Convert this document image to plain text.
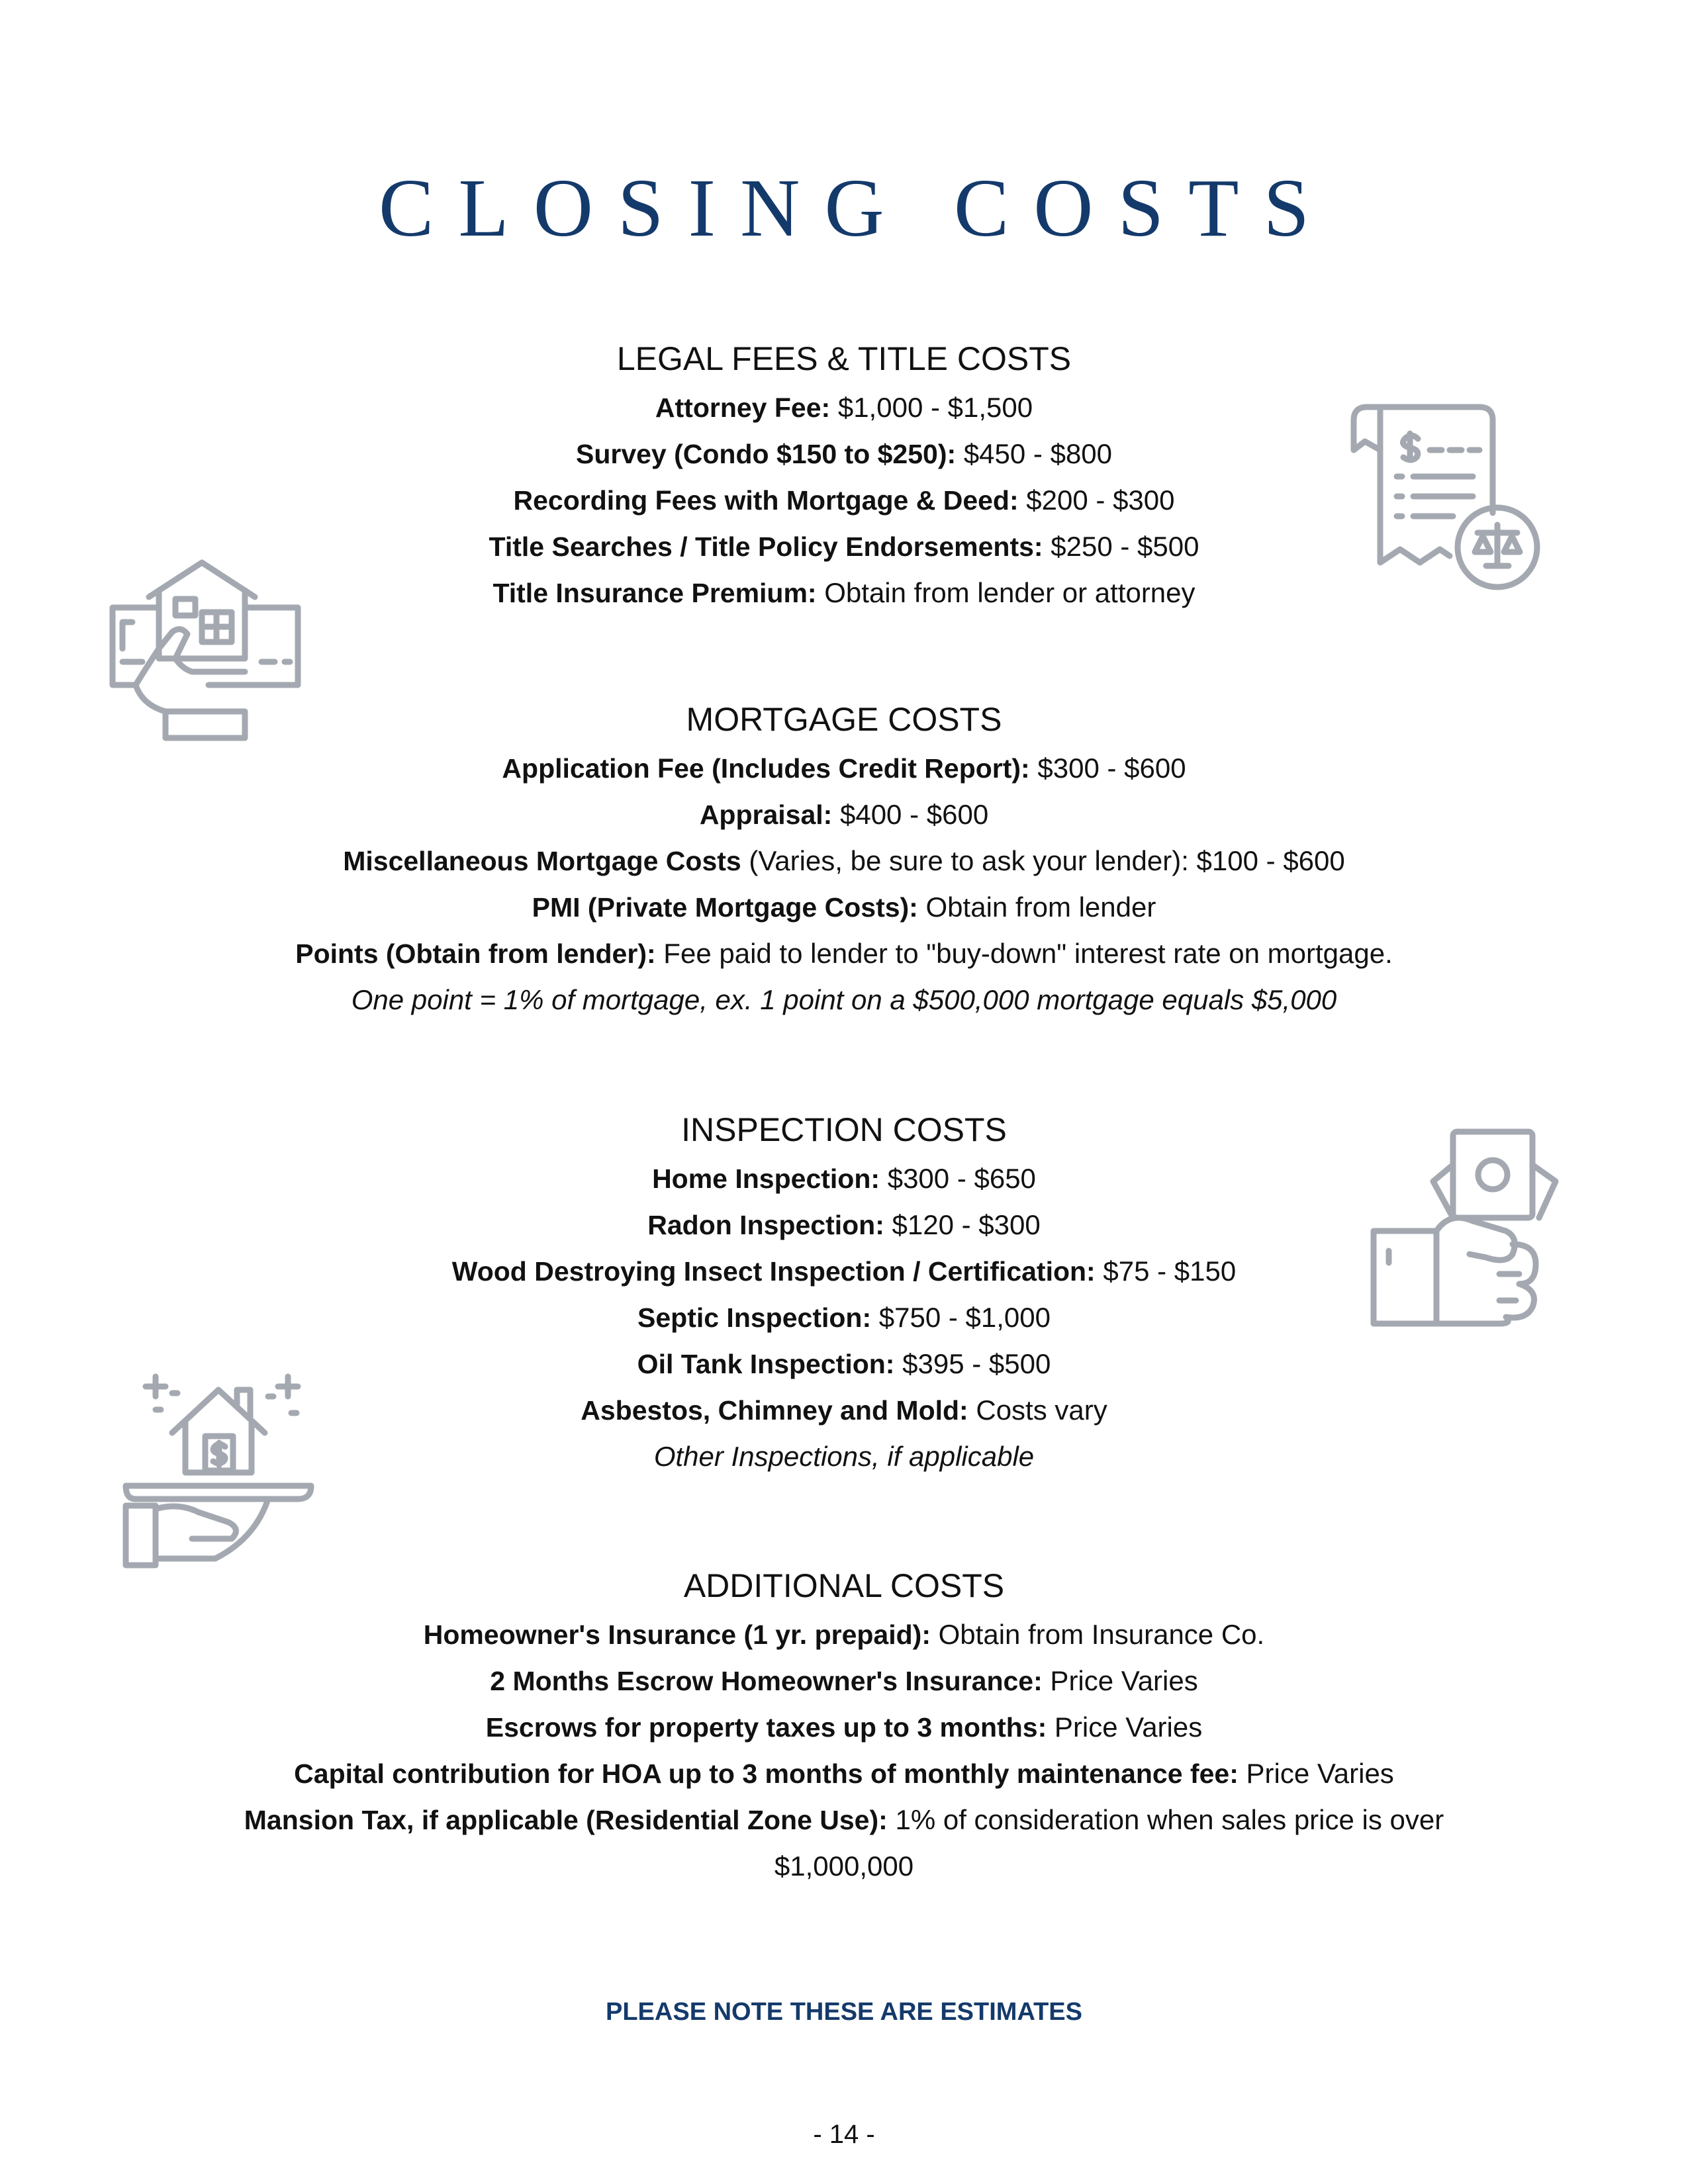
CLOSING COSTS
LEGAL FEES & TITLE COSTS
Attorney Fee: $1,000 - $1,500
Survey (Condo $150 to $250): $450 - $800
Recording Fees with Mortgage & Deed: $200 - $300
Title Searches / Title Policy Endorsements: $250 - $500
Title Insurance Premium: Obtain from lender or attorney
MORTGAGE COSTS
Application Fee (Includes Credit Report): $300 - $600
Appraisal: $400 - $600
Miscellaneous Mortgage Costs (Varies, be sure to ask your lender): $100 - $600
PMI (Private Mortgage Costs): Obtain from lender
Points (Obtain from lender): Fee paid to lender to "buy-down" interest rate on mortgage.
One point = 1% of mortgage, ex. 1 point on a $500,000 mortgage equals $5,000
INSPECTION COSTS
Home Inspection: $300 - $650
Radon Inspection: $120 - $300
Wood Destroying Insect Inspection / Certification: $75 - $150
Septic Inspection: $750 - $1,000
Oil Tank Inspection: $395 - $500
Asbestos, Chimney and Mold: Costs vary
Other Inspections, if applicable
ADDITIONAL COSTS
Homeowner's Insurance (1 yr. prepaid): Obtain from Insurance Co.
2 Months Escrow Homeowner's Insurance: Price Varies
Escrows for property taxes up to 3 months: Price Varies
Capital contribution for HOA up to 3 months of monthly maintenance fee: Price Varies
Mansion Tax, if applicable (Residential Zone Use): 1% of consideration when sales price is over $1,000,000
PLEASE NOTE THESE ARE ESTIMATES
- 14 -
